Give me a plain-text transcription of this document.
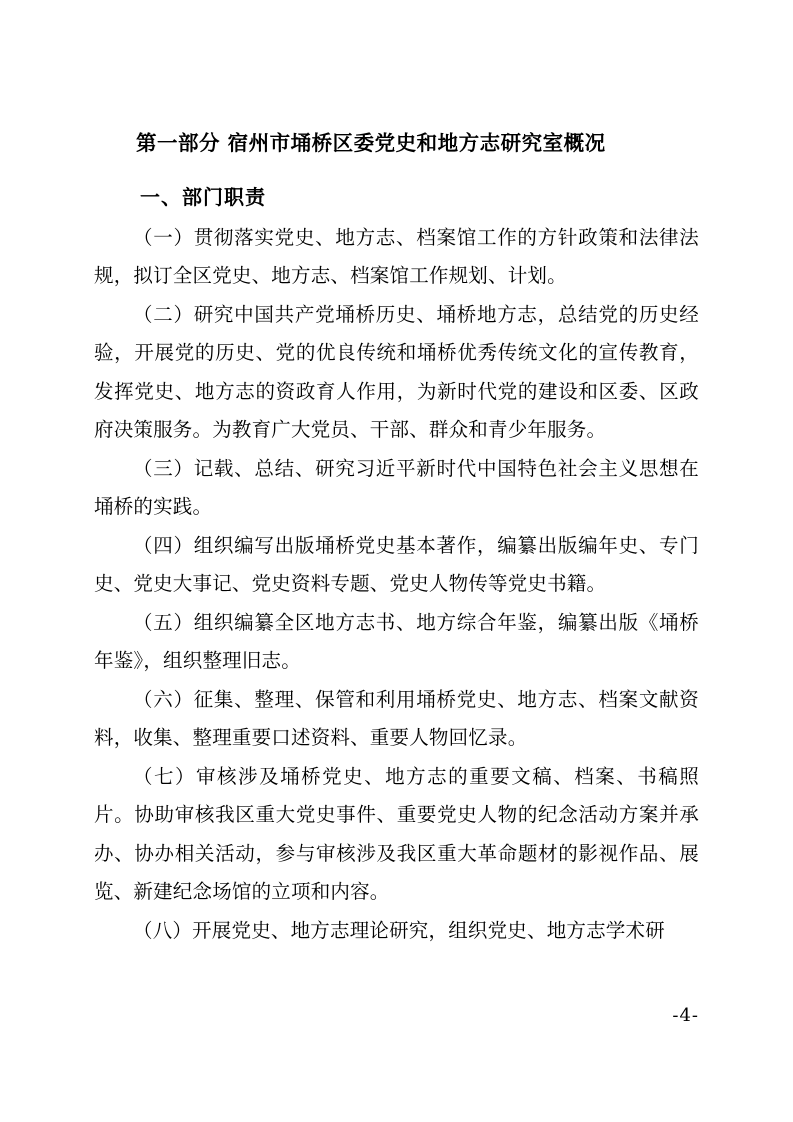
第一部分 宿州市埇桥区委党史和地方志研究室概况
一、部门职责

（一）贯彻落实党史、地方志、档案馆工作的方针政策和法律法规，拟订全区党史、地方志、档案馆工作规划、计划。

（二）研究中国共产党埇桥历史、埇桥地方志，总结党的历史经验，开展党的历史、党的优良传统和埇桥优秀传统文化的宣传教育，发挥党史、地方志的资政育人作用，为新时代党的建设和区委、区政府决策服务。为教育广大党员、干部、群众和青少年服务。

（三）记载、总结、研究习近平新时代中国特色社会主义思想在埇桥的实践。

（四）组织编写出版埇桥党史基本著作，编纂出版编年史、专门史、党史大事记、党史资料专题、党史人物传等党史书籍。

（五）组织编纂全区地方志书、地方综合年鉴，编纂出版《埇桥年鉴》，组织整理旧志。

（六）征集、整理、保管和利用埇桥党史、地方志、档案文献资料，收集、整理重要口述资料、重要人物回忆录。

（七）审核涉及埇桥党史、地方志的重要文稿、档案、书稿照片。协助审核我区重大党史事件、重要党史人物的纪念活动方案并承办、协办相关活动，参与审核涉及我区重大革命题材的影视作品、展览、新建纪念场馆的立项和内容。

（八）开展党史、地方志理论研究，组织党史、地方志学术研

-4-
